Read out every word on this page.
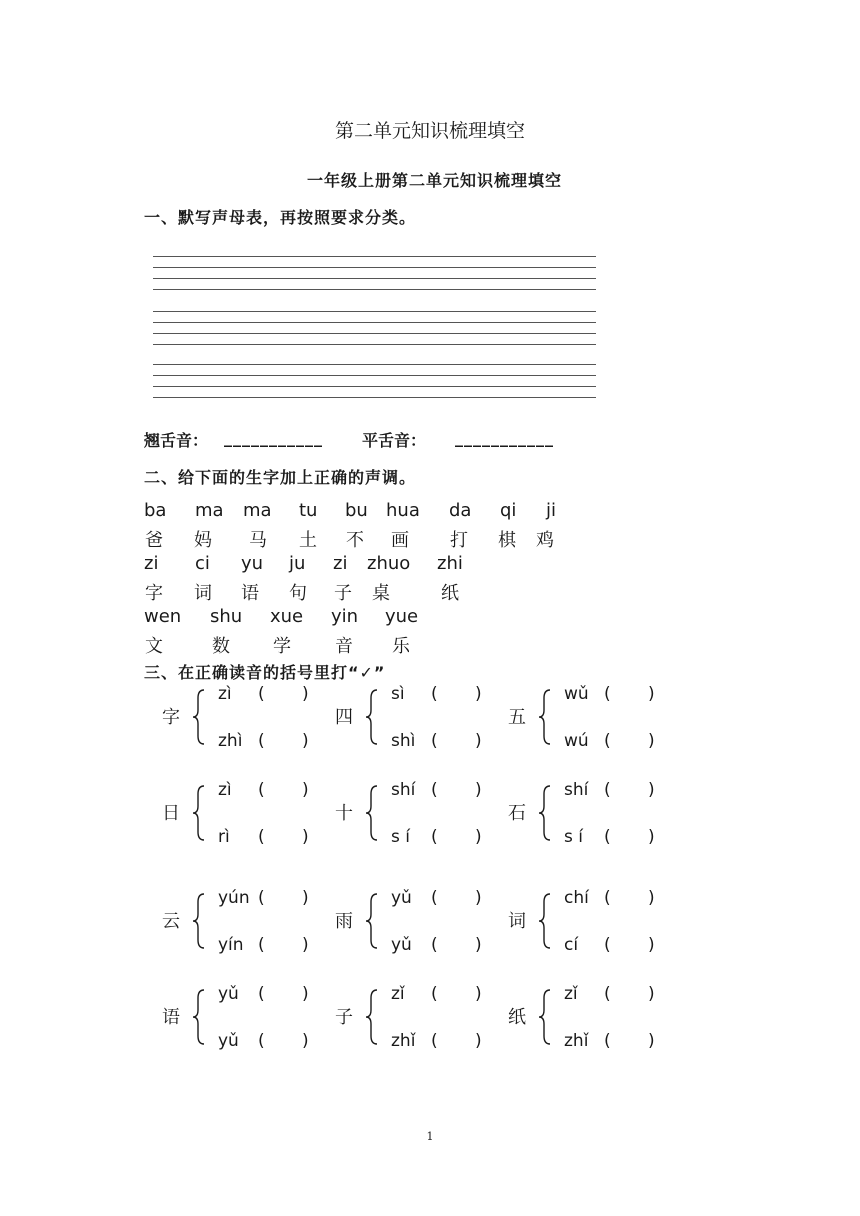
第二单元知识梳理填空
一年级上册第二单元知识梳理填空
一、默写声母表，再按照要求分类。
翘舌音： ___________ 平舌音： ___________
二、给下面的生字加上正确的声调。
ba ma ma tu bu hua da qi ji
爸 妈 马 土 不 画 打 棋 鸡
zi ci yu ju zi zhuo zhi
字 词 语 句 子 桌	纸
wen shu xue yin yue
文	数 学 音 乐
三、在正确读音的括号里打“✓”
字
zì ( )
zhì ( )
四
sì ( )
shì ( )
五
wǔ ( )
wú ( )
日
zì ( )
rì ( )
十
shí ( )
s í ( )
石
shí ( )
s í ( )
云
yún ( )
yín ( )
雨
yǔ ( )
yǔ ( )
词
chí ( )
cí ( )
语
yǔ ( )
yǔ ( )
子
zǐ ( )
zhǐ ( )
纸
zǐ ( )
zhǐ ( )
1
